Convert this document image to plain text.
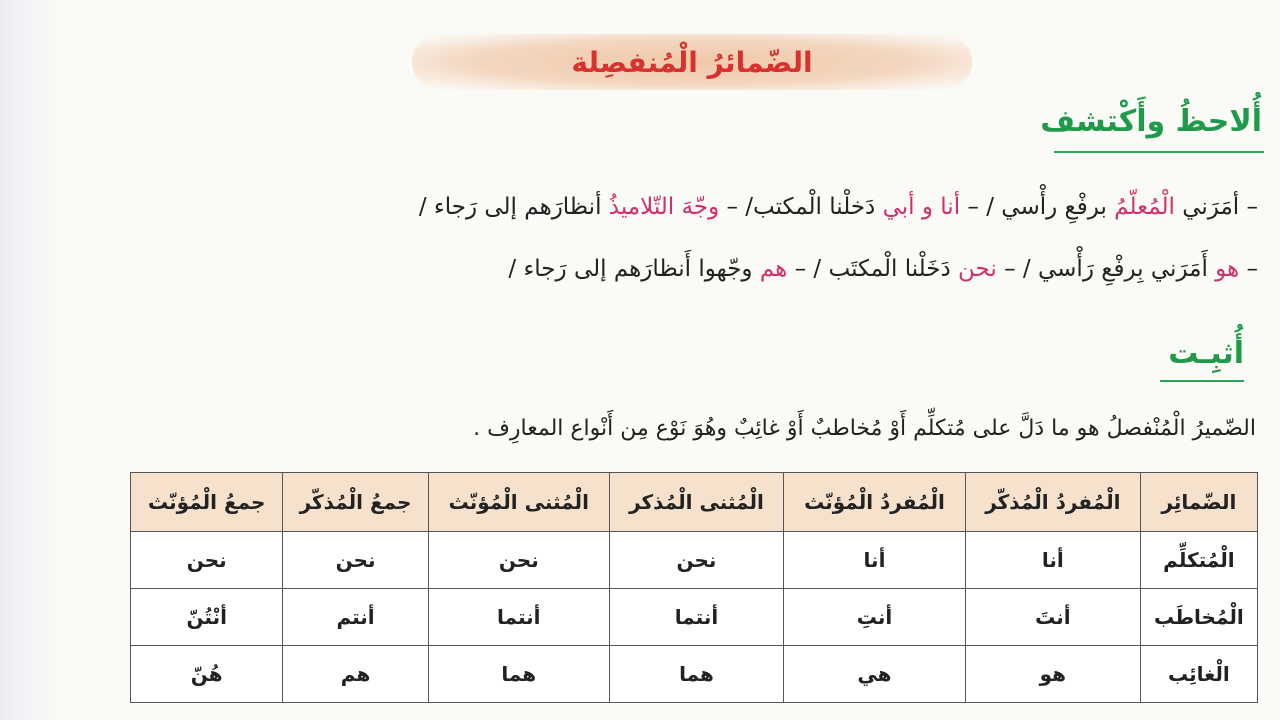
الضّمائرُ الْمُنفصِلة
أُلاحظُ وأَكْتشف
– أمَرَني الْمُعلّمُ برفْعِ رأْسي / – أنا و أبي دَخلْنا الْمكتب/ – وجّهَ التّلاميذُ أنظارَهم إلى رَجاء /
– هو أَمَرَني بِرفْعِ رَأْسي / – نحن دَخَلْنا الْمكتَب / – هم وجّهوا أَنظارَهم إلى رَجاء /
أُثبِـت
الضّميرُ الْمُنْفصلُ هو ما دَلَّ على مُتكلِّم أَوْ مُخاطبٌ أَوْ غائِبٌ وهُوَ نَوْع مِن أَنْواع المعارِف .
الضّمائِر	الْمُفردُ الْمُذكّر	الْمُفردُ الْمُؤنّث	الْمُثنى الْمُذكر	الْمُثنى الْمُؤنّث	جمعُ الْمُذكّر	جمعُ الْمُؤنّث
الْمُتكلِّم	أنا	أنا	نحن	نحن	نحن	نحن
الْمُخاطَب	أنتَ	أنتِ	أنتما	أنتما	أنتم	أنْتُنّ
الْغائِب	هو	هي	هما	هما	هم	هُنّ
